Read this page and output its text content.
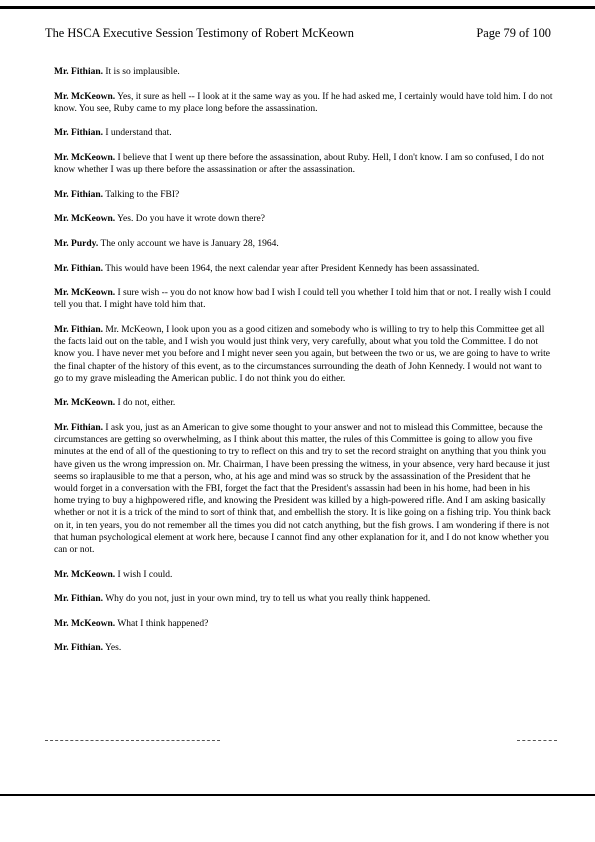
The HSCA Executive Session Testimony of Robert McKeown	Page 79 of 100

Mr. Fithian. It is so implausible.

Mr. McKeown. Yes, it sure as hell -- I look at it the same way as you. If he had asked me, I certainly would have told him. I do not know. You see, Ruby came to my place long before the assassination.

Mr. Fithian. I understand that.

Mr. McKeown. I believe that I went up there before the assassination, about Ruby. Hell, I don't know. I am so confused, I do not know whether I was up there before the assassination or after the assassination.

Mr. Fithian. Talking to the FBI?

Mr. McKeown. Yes. Do you have it wrote down there?

Mr. Purdy. The only account we have is January 28, 1964.

Mr. Fithian. This would have been 1964, the next calendar year after President Kennedy has been assassinated.

Mr. McKeown. I sure wish -- you do not know how bad I wish I could tell you whether I told him that or not. I really wish I could tell you that. I might have told him that.

Mr. Fithian. Mr. McKeown, I look upon you as a good citizen and somebody who is willing to try to help this Committee get all the facts laid out on the table, and I wish you would just think very, very carefully, about what you told the Committee. I do not know you. I have never met you before and I might never seen you again, but between the two or us, we are going to have to write the final chapter of the history of this event, as to the circumstances surrounding the death of John Kennedy. I would not want to go to my grave misleading the American public. I do not think you do either.

Mr. McKeown. I do not, either.

Mr. Fithian. I ask you, just as an American to give some thought to your answer and not to mislead this Committee, because the circumstances are getting so overwhelming, as I think about this matter, the rules of this Committee is going to allow you five minutes at the end of all of the questioning to try to reflect on this and try to set the record straight on anything that you think you have given us the wrong impression on. Mr. Chairman, I have been pressing the witness, in your absence, very hard because it just seems so iraplausible to me that a person, who, at his age and mind was so struck by the assassination of the President that he would forget in a conversation with the FBI, forget the fact that the President's assassin had been in his home, had been in his home trying to buy a highpowered rifle, and knowing the President was killed by a high-powered rifle. And I am asking basically whether or not it is a trick of the mind to sort of think that, and embellish the story. It is like going on a fishing trip. You think back on it, in ten years, you do not remember all the times you did not catch anything, but the fish grows. I am wondering if there is not that human psychological element at work here, because I cannot find any other explanation for it, and I do not know whether you can or not.

Mr. McKeown. I wish I could.

Mr. Fithian. Why do you not, just in your own mind, try to tell us what you really think happened.

Mr. McKeown. What I think happened?

Mr. Fithian. Yes.
